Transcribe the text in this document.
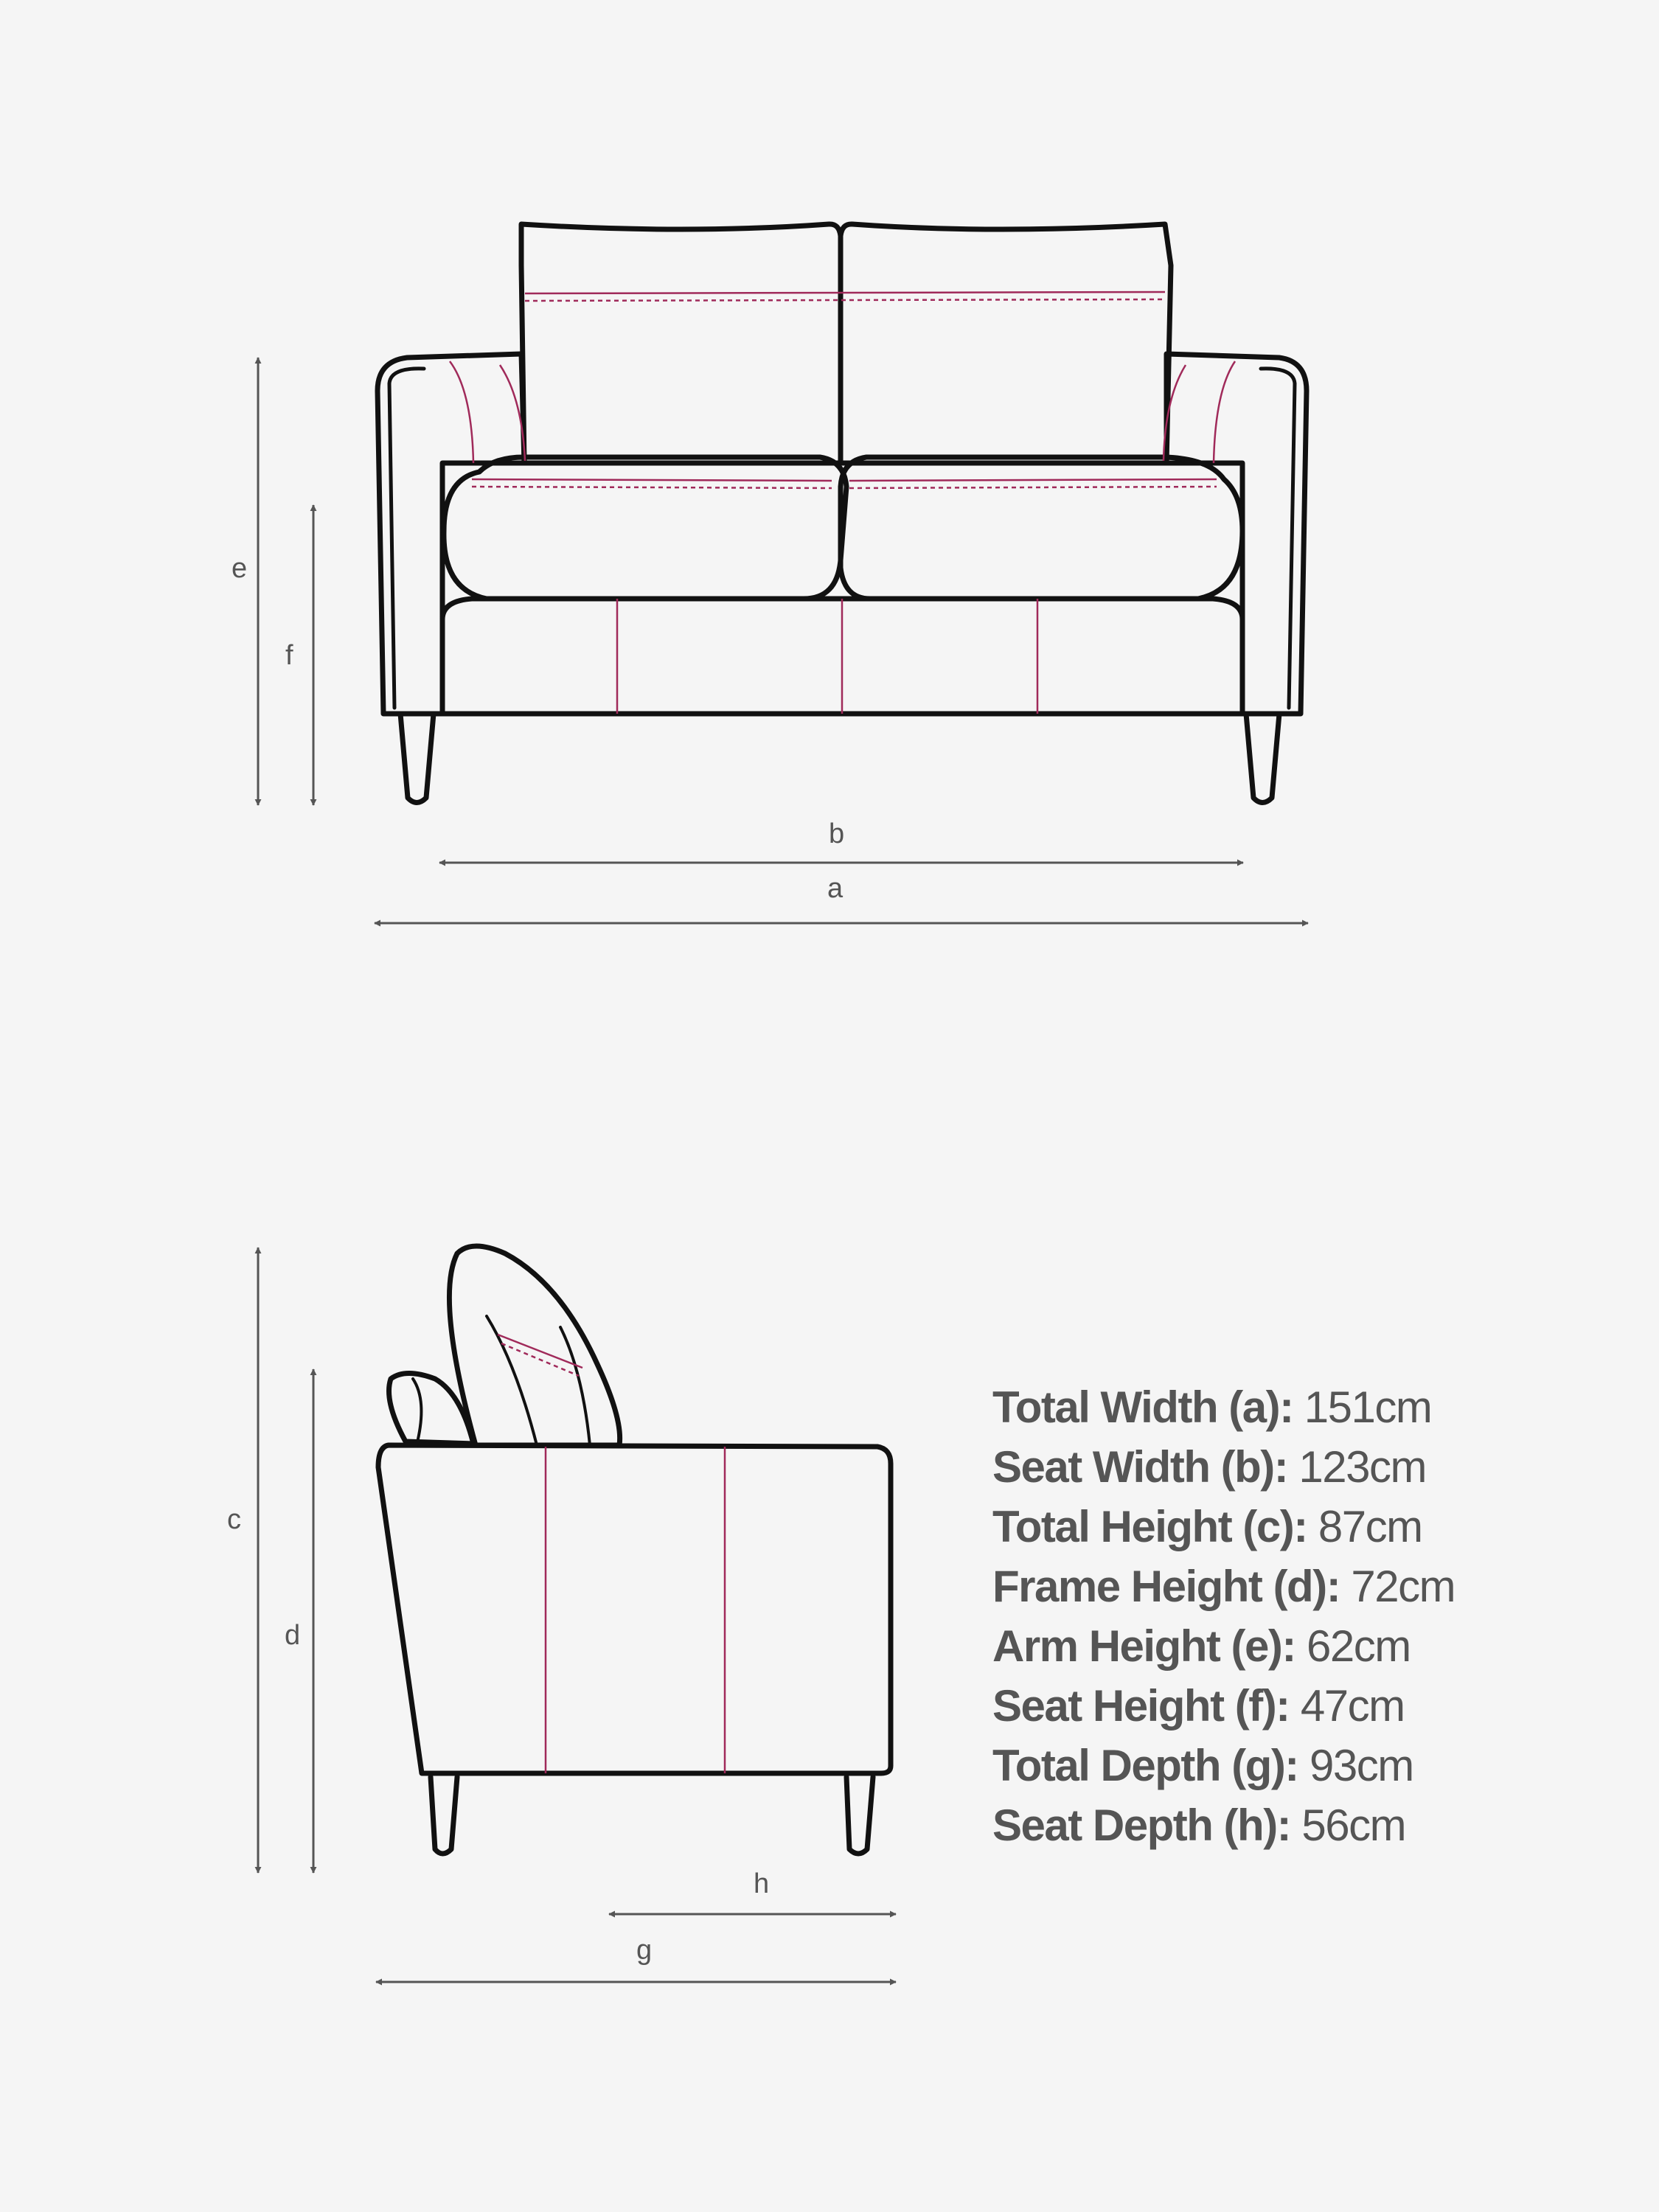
e
f
b
a
c
d
h
g
Total Width (a): 151cm
Seat Width (b): 123cm
Total Height (c): 87cm
Frame Height (d): 72cm
Arm Height (e): 62cm
Seat Height (f): 47cm
Total Depth (g): 93cm
Seat Depth (h): 56cm
